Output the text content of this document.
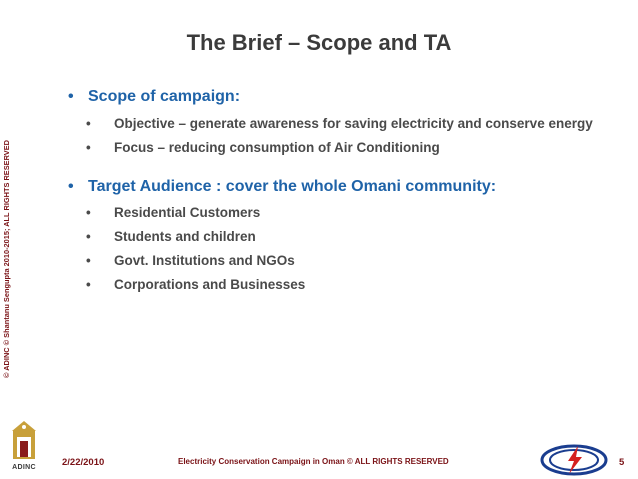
The Brief – Scope and TA
© ADINC © Shantanu Sengupta 2010-2015; ALL RIGHTS RESERVED
• Scope of campaign:
• Objective – generate awareness for saving electricity and conserve energy
• Focus – reducing consumption of Air Conditioning
• Target Audience : cover the whole Omani community:
• Residential Customers
• Students and children
• Govt. Institutions and NGOs
• Corporations and Businesses
ADINC	2/22/2010	Electricity Conservation Campaign in Oman © ALL RIGHTS RESERVED	5
